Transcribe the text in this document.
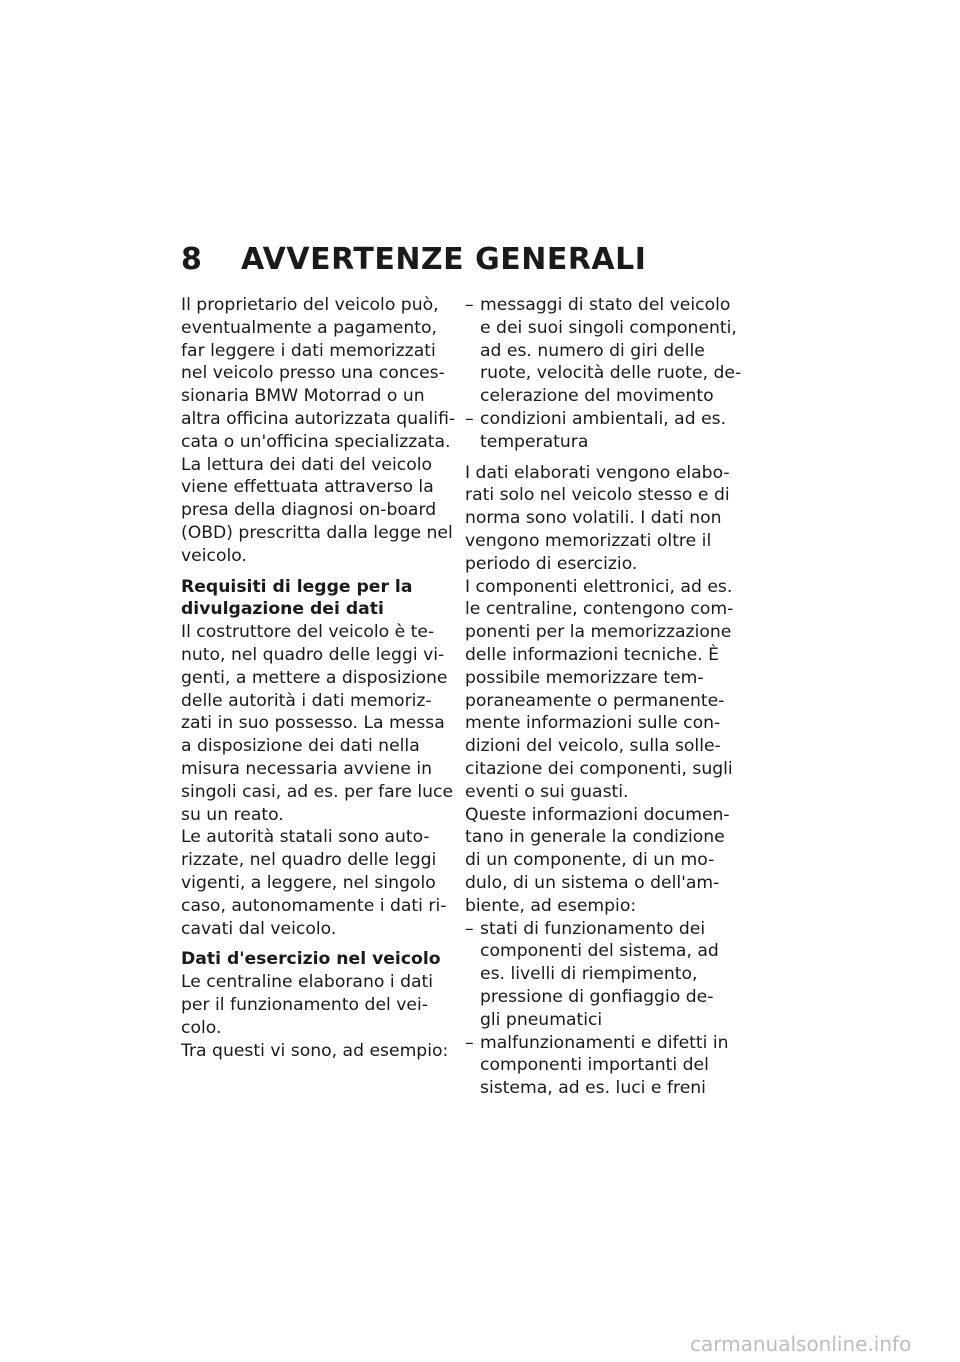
8 AVVERTENZE GENERALI
Il proprietario del veicolo può,
eventualmente a pagamento,
far leggere i dati memorizzati
nel veicolo presso una conces-
sionaria BMW Motorrad o un
altra officina autorizzata qualifi-
cata o un'officina specializzata.
La lettura dei dati del veicolo
viene effettuata attraverso la
presa della diagnosi on-board
(OBD) prescritta dalla legge nel
veicolo.
Requisiti di legge per la
divulgazione dei dati
Il costruttore del veicolo è te-
nuto, nel quadro delle leggi vi-
genti, a mettere a disposizione
delle autorità i dati memoriz-
zati in suo possesso. La messa
a disposizione dei dati nella
misura necessaria avviene in
singoli casi, ad es. per fare luce
su un reato.
Le autorità statali sono auto-
rizzate, nel quadro delle leggi
vigenti, a leggere, nel singolo
caso, autonomamente i dati ri-
cavati dal veicolo.
Dati d'esercizio nel veicolo
Le centraline elaborano i dati
per il funzionamento del vei-
colo.
Tra questi vi sono, ad esempio:
– messaggi di stato del veicolo
e dei suoi singoli componenti,
ad es. numero di giri delle
ruote, velocità delle ruote, de-
celerazione del movimento
– condizioni ambientali, ad es.
temperatura
I dati elaborati vengono elabo-
rati solo nel veicolo stesso e di
norma sono volatili. I dati non
vengono memorizzati oltre il
periodo di esercizio.
I componenti elettronici, ad es.
le centraline, contengono com-
ponenti per la memorizzazione
delle informazioni tecniche. È
possibile memorizzare tem-
poraneamente o permanente-
mente informazioni sulle con-
dizioni del veicolo, sulla solle-
citazione dei componenti, sugli
eventi o sui guasti.
Queste informazioni documen-
tano in generale la condizione
di un componente, di un mo-
dulo, di un sistema o dell'am-
biente, ad esempio:
– stati di funzionamento dei
componenti del sistema, ad
es. livelli di riempimento,
pressione di gonfiaggio de-
gli pneumatici
– malfunzionamenti e difetti in
componenti importanti del
sistema, ad es. luci e freni
carmanualsonline.info
